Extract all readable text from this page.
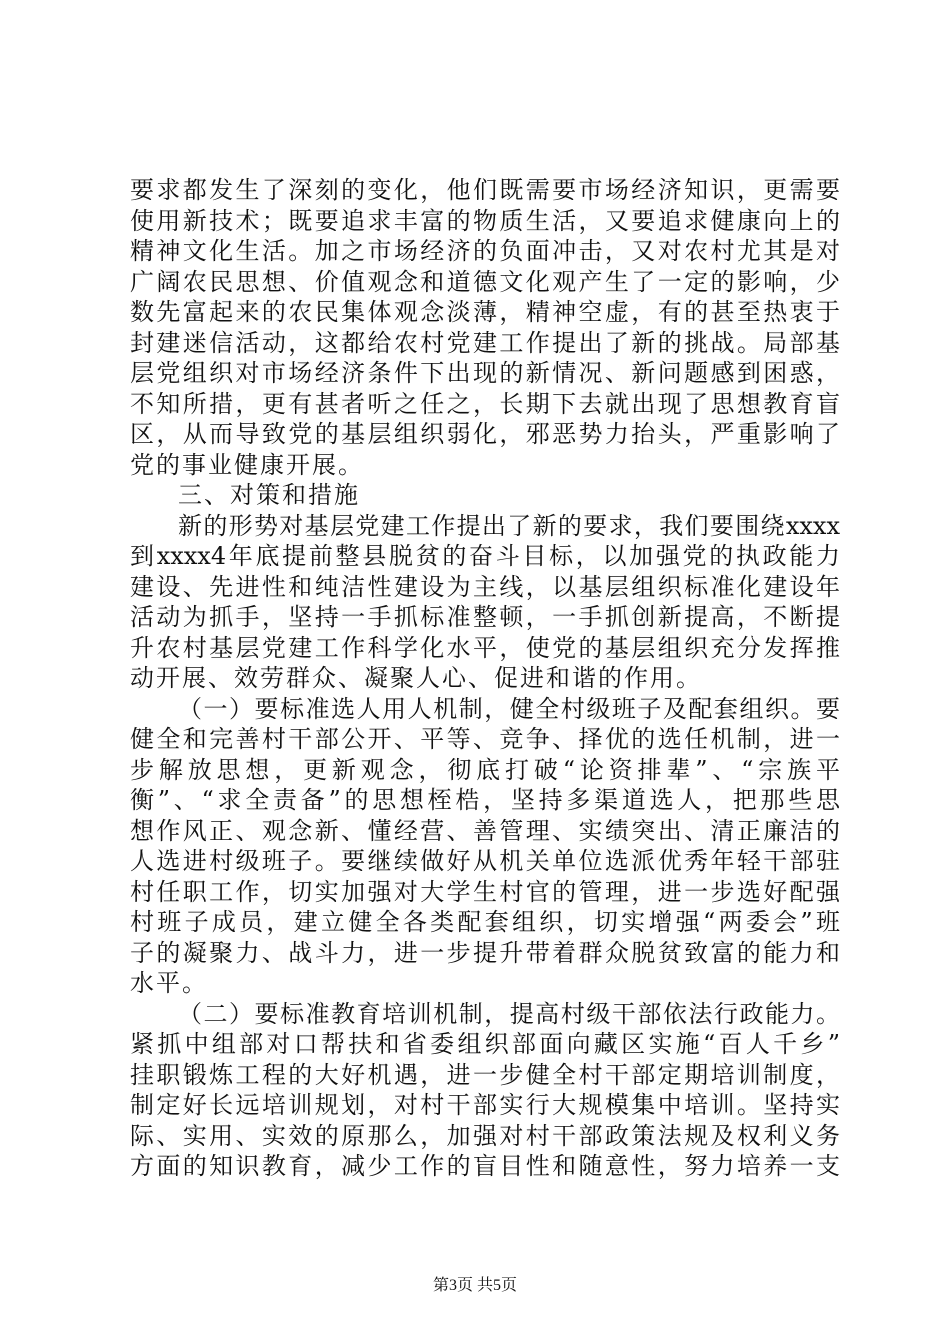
要求都发生了深刻的变化，他们既需要市场经济知识，更需要
使用新技术；既要追求丰富的物质生活，又要追求健康向上的
精神文化生活。加之市场经济的负面冲击，又对农村尤其是对
广阔农民思想、价值观念和道德文化观产生了一定的影响，少
数先富起来的农民集体观念淡薄，精神空虚，有的甚至热衷于
封建迷信活动，这都给农村党建工作提出了新的挑战。局部基
层党组织对市场经济条件下出现的新情况、新问题感到困惑，
不知所措，更有甚者听之任之，长期下去就出现了思想教育盲
区，从而导致党的基层组织弱化，邪恶势力抬头，严重影响了
党的事业健康开展。
三、对策和措施
新的形势对基层党建工作提出了新的要求，我们要围绕xxxx
到xxxx4年底提前整县脱贫的奋斗目标，以加强党的执政能力
建设、先进性和纯洁性建设为主线，以基层组织标准化建设年
活动为抓手，坚持一手抓标准整顿，一手抓创新提高，不断提
升农村基层党建工作科学化水平，使党的基层组织充分发挥推
动开展、效劳群众、凝聚人心、促进和谐的作用。
（一）要标准选人用人机制，健全村级班子及配套组织。要
健全和完善村干部公开、平等、竞争、择优的选任机制，进一
步解放思想，更新观念，彻底打破“论资排辈”、“宗族平
衡”、“求全责备”的思想桎梏，坚持多渠道选人，把那些思
想作风正、观念新、懂经营、善管理、实绩突出、清正廉洁的
人选进村级班子。要继续做好从机关单位选派优秀年轻干部驻
村任职工作，切实加强对大学生村官的管理，进一步选好配强
村班子成员，建立健全各类配套组织，切实增强“两委会”班
子的凝聚力、战斗力，进一步提升带着群众脱贫致富的能力和
水平。
（二）要标准教育培训机制，提高村级干部依法行政能力。
紧抓中组部对口帮扶和省委组织部面向藏区实施“百人千乡”
挂职锻炼工程的大好机遇，进一步健全村干部定期培训制度，
制定好长远培训规划，对村干部实行大规模集中培训。坚持实
际、实用、实效的原那么，加强对村干部政策法规及权利义务
方面的知识教育，减少工作的盲目性和随意性，努力培养一支
第3页 共5页
